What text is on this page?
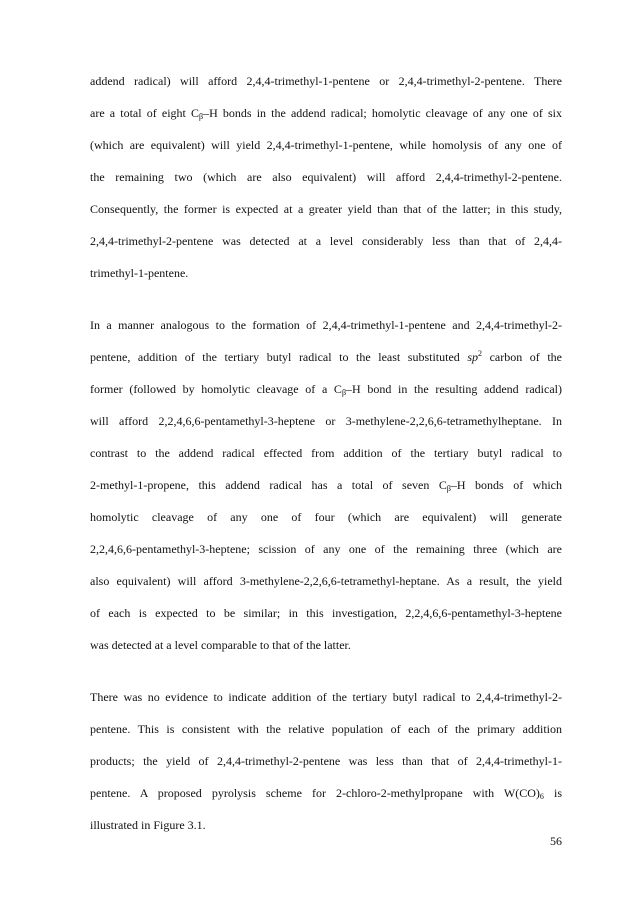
addend radical) will afford 2,4,4-trimethyl-1-pentene or 2,4,4-trimethyl-2-pentene. There
are a total of eight $C_\beta-H$ bonds in the addend radical; homolytic cleavage of any one of six
(which are equivalent) will yield 2,4,4-trimethyl-1-pentene, while homolysis of any one of
the remaining two (which are also equivalent) will afford 2,4,4-trimethyl-2-pentene.
Consequently, the former is expected at a greater yield than that of the latter; in this study,
2,4,4-trimethyl-2-pentene was detected at a level considerably less than that of 2,4,4-
trimethyl-1-pentene.
In a manner analogous to the formation of 2,4,4-trimethyl-1-pentene and 2,4,4-trimethyl-2-
pentene, addition of the tertiary butyl radical to the least substituted $sp^2$ carbon of the
former (followed by homolytic cleavage of a $C_\beta-H$ bond in the resulting addend radical)
will afford 2,2,4,6,6-pentamethyl-3-heptene or 3-methylene-2,2,6,6-tetramethylheptane. In
contrast to the addend radical effected from addition of the tertiary butyl radical to
2-methyl-1-propene, this addend radical has a total of seven $C_\beta-H$ bonds of which
homolytic cleavage of any one of four (which are equivalent) will generate
2,2,4,6,6-pentamethyl-3-heptene; scission of any one of the remaining three (which are
also equivalent) will afford 3-methylene-2,2,6,6-tetramethyl-heptane. As a result, the yield
of each is expected to be similar; in this investigation, 2,2,4,6,6-pentamethyl-3-heptene
was detected at a level comparable to that of the latter.
There was no evidence to indicate addition of the tertiary butyl radical to 2,4,4-trimethyl-2-
pentene. This is consistent with the relative population of each of the primary addition
products; the yield of 2,4,4-trimethyl-2-pentene was less than that of 2,4,4-trimethyl-1-
pentene. A proposed pyrolysis scheme for 2-chloro-2-methylpropane with $W(CO)_6$ is
illustrated in Figure 3.1.
56
